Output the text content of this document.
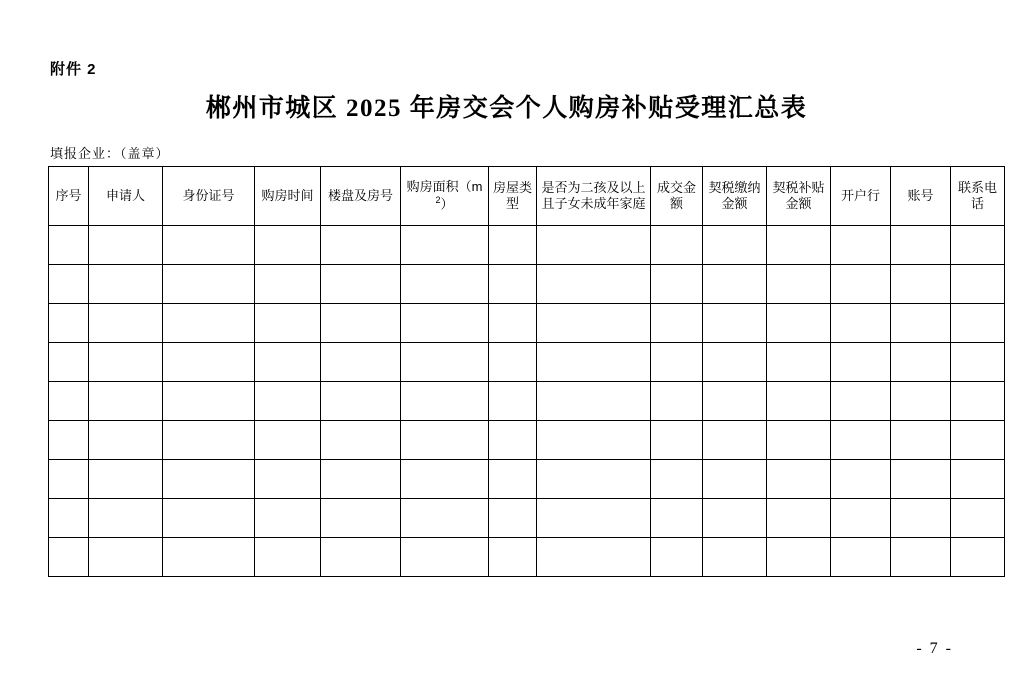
附件 2
郴州市城区 2025 年房交会个人购房补贴受理汇总表
填报企业：（盖章）
序号	申请人	身份证号	购房时间	楼盘及房号	购房面积$(m^2)$	房屋类型	是否为二孩及以上且子女未成年家庭	成交金额	契税缴纳金额	契税补贴金额	开户行	账号	联系电话

- 7 -
